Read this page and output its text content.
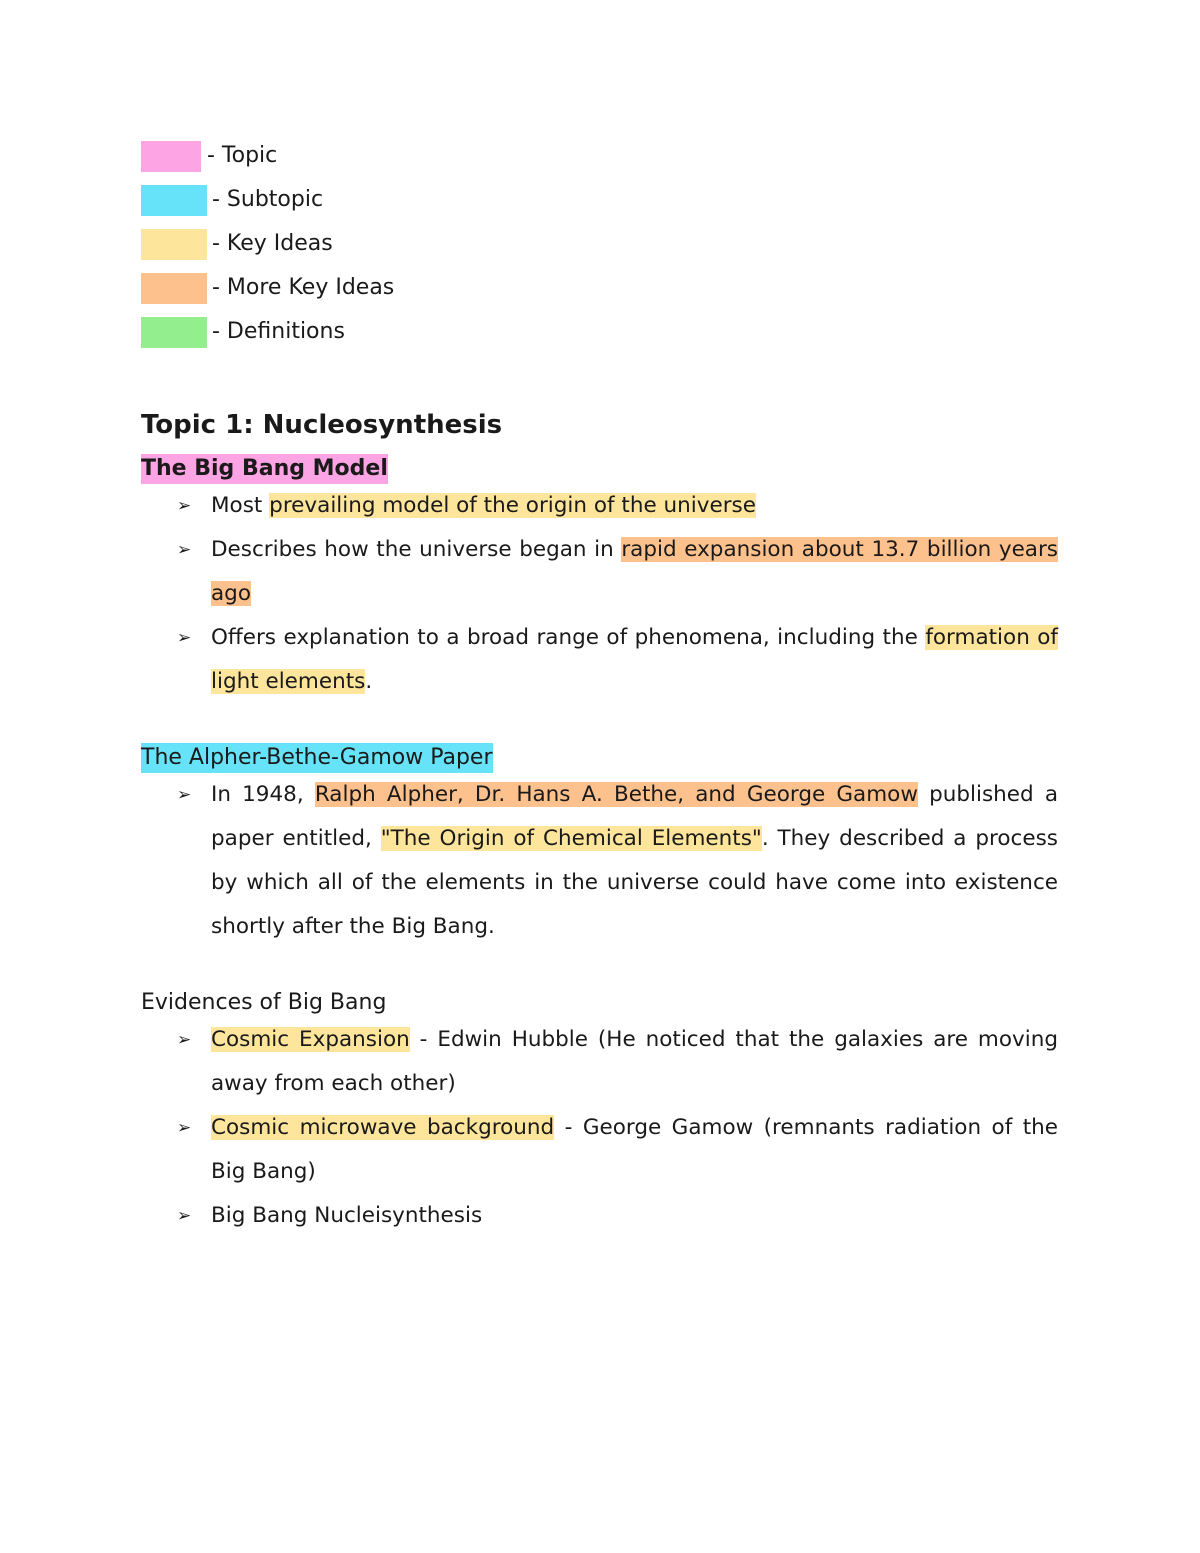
- Topic
- Subtopic
- Key Ideas
- More Key Ideas
- Definitions
Topic 1: Nucleosynthesis
The Big Bang Model
➢ Most prevailing model of the origin of the universe
➢ Describes how the universe began in rapid expansion about 13.7 billion years ago
➢ Offers explanation to a broad range of phenomena, including the formation of light elements.
The Alpher-Bethe-Gamow Paper
➢ In 1948, Ralph Alpher, Dr. Hans A. Bethe, and George Gamow published a paper entitled, "The Origin of Chemical Elements". They described a process by which all of the elements in the universe could have come into existence shortly after the Big Bang.
Evidences of Big Bang
➢ Cosmic Expansion - Edwin Hubble (He noticed that the galaxies are moving away from each other)
➢ Cosmic microwave background - George Gamow (remnants radiation of the Big Bang)
➢ Big Bang Nucleisynthesis
